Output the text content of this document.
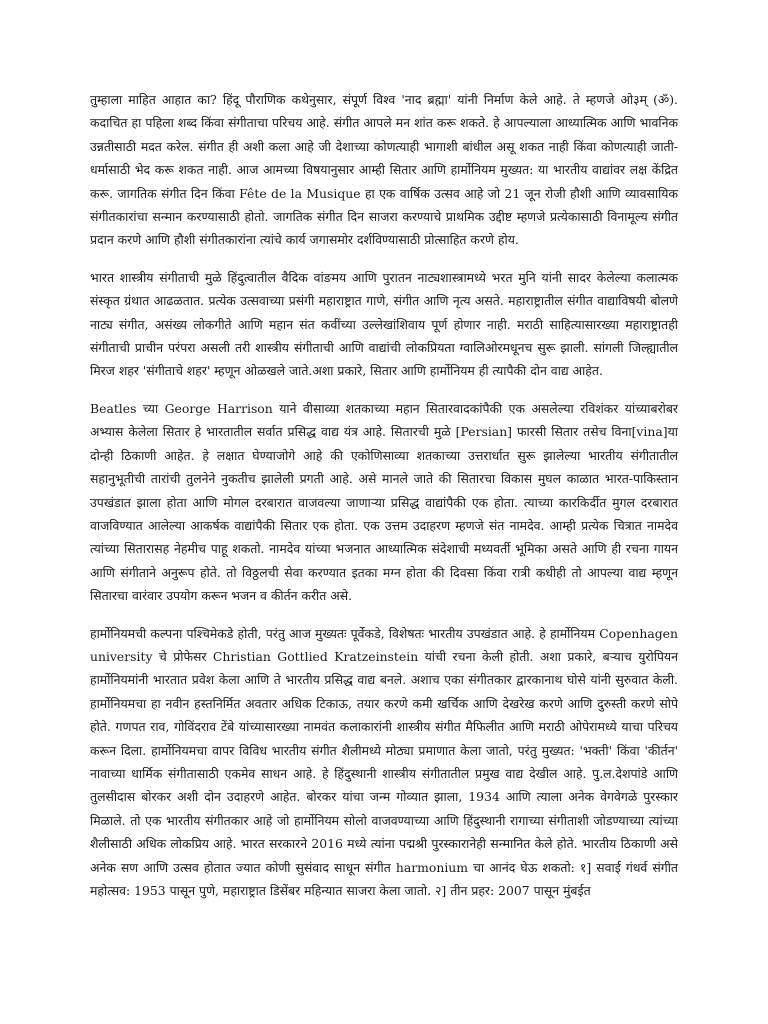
तुम्हाला माहित आहात का? हिंदू पौराणिक कथेनुसार, संपूर्ण विश्व 'नाद ब्रह्मा' यांनी निर्माण केले आहे. ते म्हणजे ओ३म् (ॐ). कदाचित हा पहिला शब्द किंवा संगीताचा परिचय आहे. संगीत आपले मन शांत करू शकते. हे आपल्याला आध्यात्मिक आणि भावनिक उन्नतीसाठी मदत करेल. संगीत ही अशी कला आहे जी देशाच्या कोणत्याही भागाशी बांधील असू शकत नाही किंवा कोणत्याही जाती-धर्मासाठी भेद करू शकत नाही. आज आमच्या विषयानुसार आम्ही सितार आणि हार्मोनियम मुख्यत: या भारतीय वाद्यांवर लक्ष केंद्रित करू. जागतिक संगीत दिन किंवा Fête de la Musique हा एक वार्षिक उत्सव आहे जो 21 जून रोजी हौशी आणि व्यावसायिक संगीतकारांचा सन्मान करण्यासाठी होतो. जागतिक संगीत दिन साजरा करण्याचे प्राथमिक उद्दीष्ट म्हणजे प्रत्येकासाठी विनामूल्य संगीत प्रदान करणे आणि हौशी संगीतकारांना त्यांचे कार्य जगासमोर दर्शविण्यासाठी प्रोत्साहित करणे होय.

भारत शास्त्रीय संगीताची मुळे हिंदुत्वातील वैदिक वांङमय आणि पुरातन नाट्यशास्त्रामध्ये भरत मुनि यांनी सादर केलेल्या कलात्मक संस्कृत ग्रंथात आढळतात. प्रत्येक उत्सवाच्या प्रसंगी महाराष्ट्रात गाणे, संगीत आणि नृत्य असते. महाराष्ट्रातील संगीत वाद्याविषयी बोलणे नाट्य संगीत, असंख्य लोकगीते आणि महान संत कवींच्या उल्लेखांशिवाय पूर्ण होणार नाही. मराठी साहित्यासारख्या महाराष्ट्रातही संगीताची प्राचीन परंपरा असली तरी शास्त्रीय संगीताची आणि वाद्यांची लोकप्रियता ग्वालिओरमधूनच सुरू झाली. सांगली जिल्ह्यातील मिरज शहर 'संगीताचे शहर' म्हणून ओळखले जाते.अशा प्रकारे, सितार आणि हार्मोनियम ही त्यापैकी दोन वाद्य आहेत.

Beatles च्या George Harrison याने वीसाव्या शतकाच्या महान सितारवादकांपैकी एक असलेल्या रविशंकर यांच्याबरोबर अभ्यास केलेला सितार हे भारतातील सर्वात प्रसिद्ध वाद्य यंत्र आहे. सितारची मुळे [Persian] फारसी सितार तसेच विना[vina]या दोन्ही ठिकाणी आहेत. हे लक्षात घेण्याजोगे आहे की एकोणिसाव्या शतकाच्या उत्तरार्धात सुरू झालेल्या भारतीय संगीतातील सहानुभूतीची तारांची तुलनेने नुकतीच झालेली प्रगती आहे. असे मानले जाते की सितारचा विकास मुघल काळात भारत-पाकिस्तान उपखंडात झाला होता आणि मोगल दरबारात वाजवल्या जाणाऱ्या प्रसिद्ध वाद्यांपैकी एक होता. त्याच्या कारकिर्दीत मुगल दरबारात वाजविण्यात आलेल्या आकर्षक वाद्यांपैकी सितार एक होता. एक उत्तम उदाहरण म्हणजे संत नामदेव. आम्ही प्रत्येक चित्रात नामदेव त्यांच्या सितारासह नेहमीच पाहू शकतो. नामदेव यांच्या भजनात आध्यात्मिक संदेशाची मध्यवर्ती भूमिका असते आणि ही रचना गायन आणि संगीताने अनुरूप होते. तो विठ्ठलची सेवा करण्यात इतका मग्न होता की दिवसा किंवा रात्री कधीही तो आपल्या वाद्य म्हणून सितारचा वारंवार उपयोग करून भजन व कीर्तन करीत असे.

हार्मोनियमची कल्पना पश्चिमेकडे होती, परंतु आज मुख्यतः पूर्वेकडे, विशेषतः भारतीय उपखंडात आहे. हे हार्मोनियम Copenhagen university चे प्रोफेसर Christian Gottlied Kratzeinstein यांची रचना केली होती. अशा प्रकारे, बऱ्याच युरोपियन हार्मोनियमांनी भारतात प्रवेश केला आणि ते भारतीय प्रसिद्ध वाद्य बनले. अशाच एका संगीतकार द्वारकानाथ घोसे यांनी सुरुवात केली. हार्मोनियमचा हा नवीन हस्तनिर्मित अवतार अधिक टिकाऊ, तयार करणे कमी खर्चिक आणि देखरेख करणे आणि दुरुस्ती करणे सोपे होते. गणपत राव, गोविंदराव टेंबे यांच्यासारख्या नामवंत कलाकारांनी शास्त्रीय संगीत मैफिलीत आणि मराठी ओपेरामध्ये याचा परिचय करून दिला. हार्मोनियमचा वापर विविध भारतीय संगीत शैलीमध्ये मोठ्या प्रमाणात केला जातो, परंतु मुख्यत: 'भक्ती' किंवा 'कीर्तन' नावाच्या धार्मिक संगीतासाठी एकमेव साधन आहे. हे हिंदुस्थानी शास्त्रीय संगीतातील प्रमुख वाद्य देखील आहे. पु.ल.देशपांडे आणि तुलसीदास बोरकर अशी दोन उदाहरणे आहेत. बोरकर यांचा जन्म गोव्यात झाला, 1934 आणि त्याला अनेक वेगवेगळे पुरस्कार मिळाले. तो एक भारतीय संगीतकार आहे जो हार्मोनियम सोलो वाजवण्याच्या आणि हिंदुस्थानी रागाच्या संगीताशी जोडण्याच्या त्यांच्या शैलीसाठी अधिक लोकप्रिय आहे. भारत सरकारने 2016 मध्ये त्यांना पद्मश्री पुरस्कारानेही सन्मानित केले होते. भारतीय ठिकाणी असे अनेक सण आणि उत्सव होतात ज्यात कोणी सुसंवाद साधून संगीत harmonium चा आनंद घेऊ शकतो: १] सवाई गंधर्व संगीत महोत्सव: 1953 पासून पुणे, महाराष्ट्रात डिसेंबर महिन्यात साजरा केला जातो. २] तीन प्रहर: 2007 पासून मुंबईत
